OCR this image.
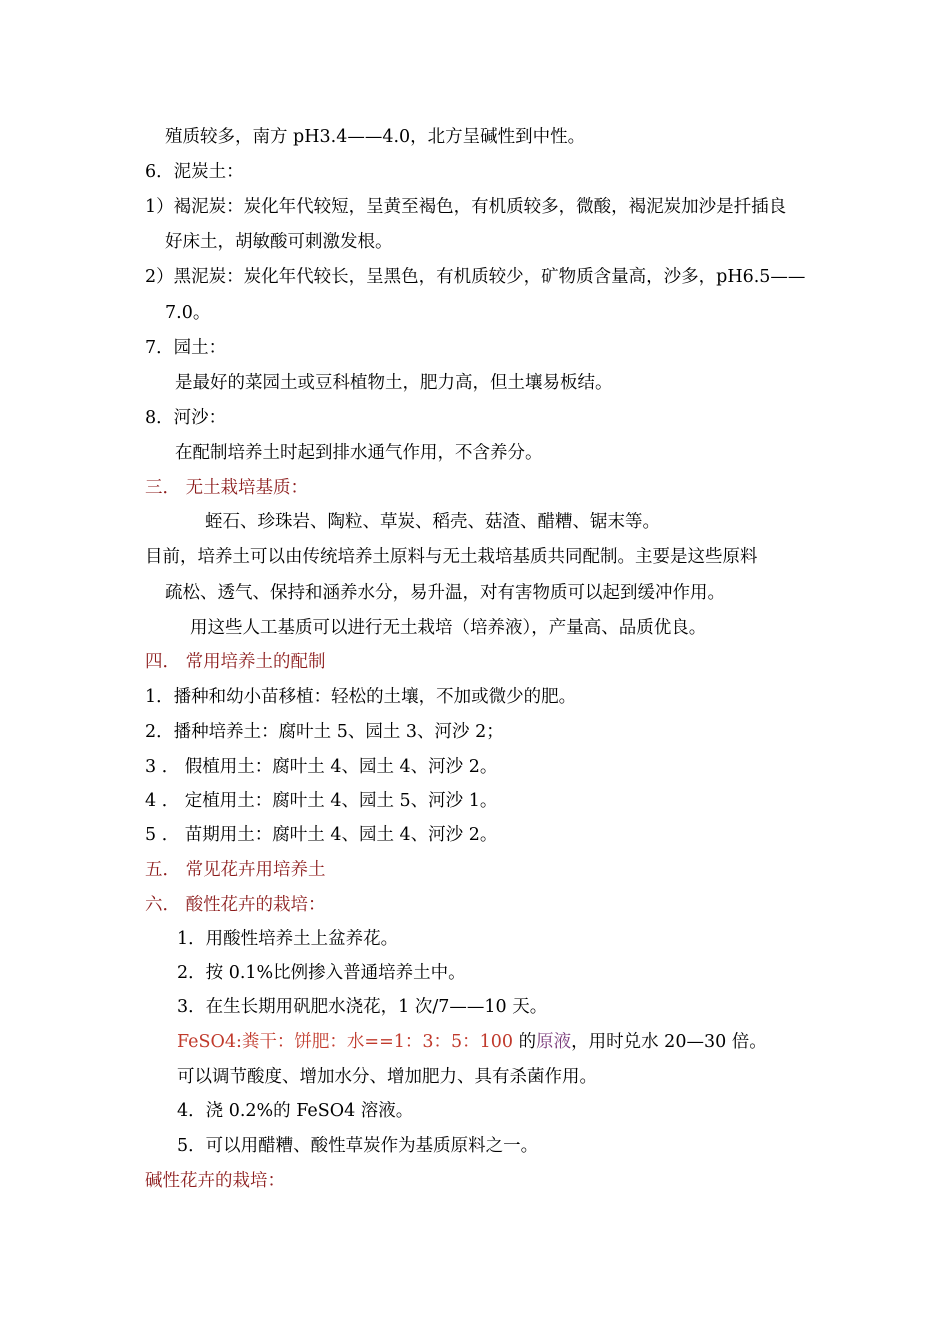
殖质较多，南方 pH3.4——4.0，北方呈碱性到中性。
6．泥炭土：
1）褐泥炭：炭化年代较短，呈黄至褐色，有机质较多，微酸，褐泥炭加沙是扦插良
好床土，胡敏酸可刺激发根。
2）黑泥炭：炭化年代较长，呈黑色，有机质较少，矿物质含量高，沙多，pH6.5——
7.0。
7．园土：
是最好的菜园土或豆科植物土，肥力高，但土壤易板结。
8．河沙：
在配制培养土时起到排水通气作用，不含养分。
三． 无土栽培基质：
蛭石、珍珠岩、陶粒、草炭、稻壳、菇渣、醋糟、锯末等。
目前，培养土可以由传统培养土原料与无土栽培基质共同配制。主要是这些原料
疏松、透气、保持和涵养水分，易升温，对有害物质可以起到缓冲作用。
用这些人工基质可以进行无土栽培（培养液），产量高、品质优良。
四． 常用培养土的配制
1．播种和幼小苗移植：轻松的土壤，不加或微少的肥。
2．播种培养土：腐叶土 5、园土 3、河沙 2；
3 ． 假植用土：腐叶土 4、园土 4、河沙 2。
4 ． 定植用土：腐叶土 4、园土 5、河沙 1。
5 ． 苗期用土：腐叶土 4、园土 4、河沙 2。
五． 常见花卉用培养土
六． 酸性花卉的栽培：
1．用酸性培养土上盆养花。
2．按 0.1%比例掺入普通培养土中。
3．在生长期用矾肥水浇花，1 次/7——10 天。
FeSO4:粪干：饼肥：水==1：3：5：100 的原液，用时兑水 20—30 倍。
可以调节酸度、增加水分、增加肥力、具有杀菌作用。
4．浇 0.2%的 FeSO4 溶液。
5．可以用醋糟、酸性草炭作为基质原料之一。
碱性花卉的栽培：
